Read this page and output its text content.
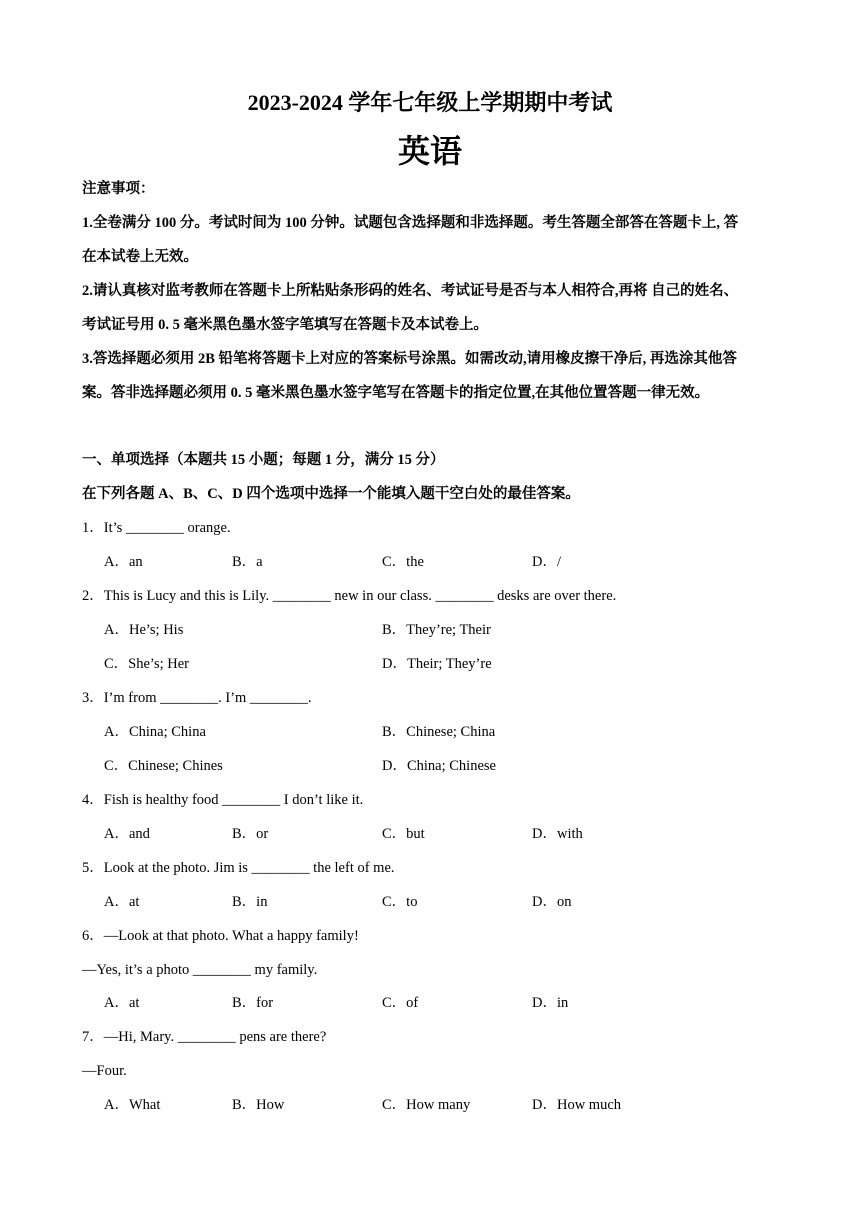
2023-2024 学年七年级上学期期中考试
英语
注意事项：
1.全卷满分 100 分。考试时间为 100 分钟。试题包含选择题和非选择题。考生答题全部答在答题卡上, 答
在本试卷上无效。
2.请认真核对监考教师在答题卡上所粘贴条形码的姓名、考试证号是否与本人相符合,再将 自己的姓名、
考试证号用 0. 5 毫米黑色墨水签字笔填写在答题卡及本试卷上。
3.答选择题必须用 2B 铅笔将答题卡上对应的答案标号涂黑。如需改动,请用橡皮擦干净后, 再选涂其他答
案。答非选择题必须用 0. 5 毫米黑色墨水签字笔写在答题卡的指定位置,在其他位置答题一律无效。
一、单项选择（本题共 15 小题；每题 1 分，满分 15 分）
在下列各题 A、B、C、D 四个选项中选择一个能填入题干空白处的最佳答案。
1．It’s ________ orange.
A．an	B．a	C．the	D．/
2．This is Lucy and this is Lily. ________ new in our class. ________ desks are over there.
A．He’s; His	B．They’re; Their
C．She’s; Her	D．Their; They’re
3．I’m from ________. I’m ________.
A．China; China	B．Chinese; China
C．Chinese; Chines	D．China; Chinese
4．Fish is healthy food ________ I don’t like it.
A．and	B．or	C．but	D．with
5．Look at the photo. Jim is ________ the left of me.
A．at	B．in	C．to	D．on
6．—Look at that photo. What a happy family!
—Yes, it’s a photo ________ my family.
A．at	B．for	C．of	D．in
7．—Hi, Mary. ________ pens are there?
—Four.
A．What	B．How	C．How many	D．How much
